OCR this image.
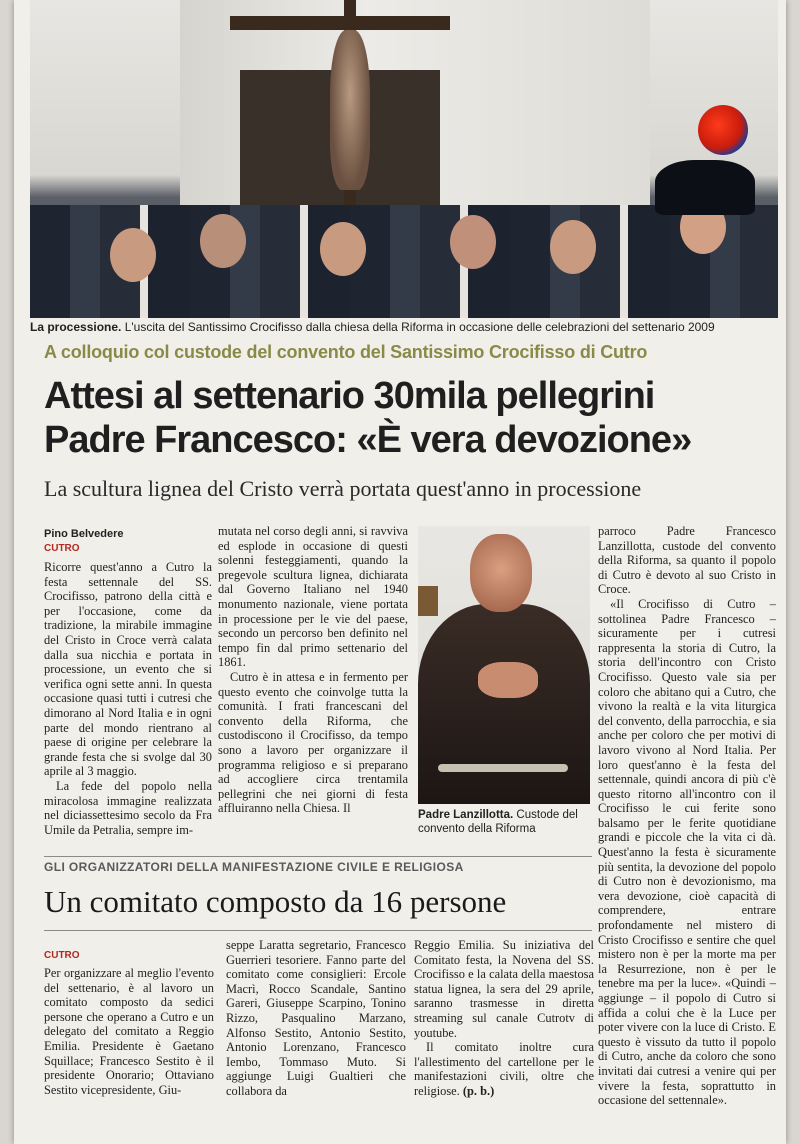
La processione. L'uscita del Santissimo Crocifisso dalla chiesa della Riforma in occasione delle celebrazioni del settenario 2009
A colloquio col custode del convento del Santissimo Crocifisso di Cutro
Attesi al settenario 30mila pellegrini
Padre Francesco: «È vera devozione»
La scultura lignea del Cristo verrà portata quest'anno in processione
Pino Belvedere
CUTRO

Ricorre quest'anno a Cutro la festa settennale del SS. Crocifisso, patrono della città e per l'occasione, come da tradizione, la mirabile immagine del Cristo in Croce verrà calata dalla sua nicchia e portata in processione, un evento che si verifica ogni sette anni. In questa occasione quasi tutti i cutresi che dimorano al Nord Italia e in ogni parte del mondo rientrano al paese di origine per celebrare la grande festa che si svolge dal 30 aprile al 3 maggio.

La fede del popolo nella miracolosa immagine realizzata nel diciassettesimo secolo da Fra Umile da Petralia, sempre im-

mutata nel corso degli anni, si ravviva ed esplode in occasione di questi solenni festeggiamenti, quando la pregevole scultura lignea, dichiarata dal Governo Italiano nel 1940 monumento nazionale, viene portata in processione per le vie del paese, secondo un percorso ben definito nel tempo fin dal primo settenario del 1861.

Cutro è in attesa e in fermento per questo evento che coinvolge tutta la comunità. I frati francescani del convento della Riforma, che custodiscono il Crocifisso, da tempo sono a lavoro per organizzare il programma religioso e si preparano ad accogliere circa trentamila pellegrini che nei giorni di festa affluiranno nella Chiesa. Il	Padre Lanzillotta. Custode del convento della Riforma

parroco Padre Francesco Lanzillotta, custode del convento della Riforma, sa quanto il popolo di Cutro è devoto al suo Cristo in Croce.

«Il Crocifisso di Cutro – sottolinea Padre Francesco – sicuramente per i cutresi rappresenta la storia di Cutro, la storia dell'incontro con Cristo Crocifisso. Questo vale sia per coloro che abitano qui a Cutro, che vivono la realtà e la vita liturgica del convento, della parrocchia, e sia anche per coloro che per motivi di lavoro vivono al Nord Italia. Per loro quest'anno è la festa del settennale, quindi ancora di più c'è questo ritorno all'incontro con il Crocifisso le cui ferite sono balsamo per le ferite quotidiane grandi e piccole che la vita ci dà. Quest'anno la festa è sicuramente più sentita, la devozione del popolo di Cutro non è devozionismo, ma vera devozione, cioè capacità di comprendere, entrare profondamente nel mistero di Cristo Crocifisso e sentire che quel mistero non è per la morte ma per la Resurrezione, non è per le tenebre ma per la luce». «Quindi – aggiunge – il popolo di Cutro si affida a colui che è la Luce per poter vivere con la luce di Cristo. E questo è vissuto da tutto il popolo di Cutro, anche da coloro che sono invitati dai cutresi a venire qui per vivere la festa, soprattutto in occasione del settennale».

GLI ORGANIZZATORI DELLA MANIFESTAZIONE CIVILE E RELIGIOSA
Un comitato composto da 16 persone
CUTRO

Per organizzare al meglio l'evento del settenario, è al lavoro un comitato composto da sedici persone che operano a Cutro e un delegato del comitato a Reggio Emilia. Presidente è Gaetano Squillace; Francesco Sestito è il presidente Onorario; Ottaviano Sestito vicepresidente, Giu-

seppe Laratta segretario, Francesco Guerrieri tesoriere. Fanno parte del comitato come consiglieri: Ercole Macrì, Rocco Scandale, Santino Gareri, Giuseppe Scarpino, Tonino Rizzo, Pasqualino Marzano, Alfonso Sestito, Antonio Sestito, Antonio Lorenzano, Francesco Iembo, Tommaso Muto. Si aggiunge Luigi Gualtieri che collabora da

Reggio Emilia. Su iniziativa del Comitato festa, la Novena del SS. Crocifisso e la calata della maestosa statua lignea, la sera del 29 aprile, saranno trasmesse in diretta streaming sul canale Cutrotv di youtube.

Il comitato inoltre cura l'allestimento del cartellone per le manifestazioni civili, oltre che religiose. (p. b.)
